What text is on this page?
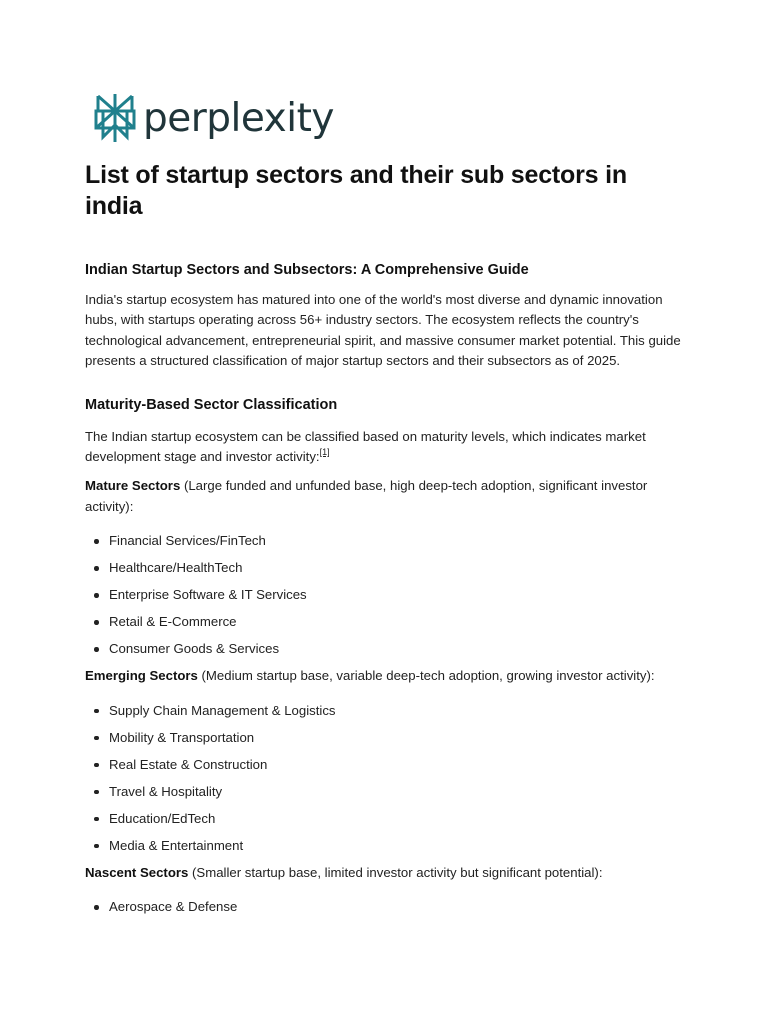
perplexity
List of startup sectors and their sub sectors in india
Indian Startup Sectors and Subsectors: A Comprehensive Guide

India's startup ecosystem has matured into one of the world's most diverse and dynamic innovation hubs, with startups operating across 56+ industry sectors. The ecosystem reflects the country's technological advancement, entrepreneurial spirit, and massive consumer market potential. This guide presents a structured classification of major startup sectors and their subsectors as of 2025.

Maturity-Based Sector Classification

The Indian startup ecosystem can be classified based on maturity levels, which indicates market development stage and investor activity:[1]

Mature Sectors (Large funded and unfunded base, high deep-tech adoption, significant investor activity):

Financial Services/FinTech
Healthcare/HealthTech
Enterprise Software & IT Services
Retail & E-Commerce
Consumer Goods & Services

Emerging Sectors (Medium startup base, variable deep-tech adoption, growing investor activity):

Supply Chain Management & Logistics
Mobility & Transportation
Real Estate & Construction
Travel & Hospitality
Education/EdTech
Media & Entertainment

Nascent Sectors (Smaller startup base, limited investor activity but significant potential):

Aerospace & Defense
